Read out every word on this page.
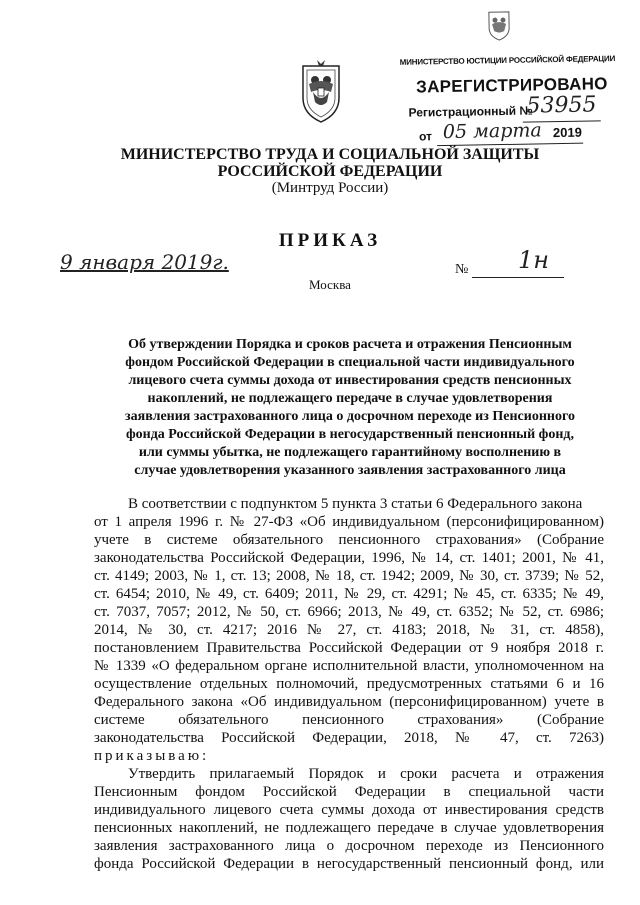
МИНИСТЕРСТВО ЮСТИЦИИ РОССИЙСКОЙ ФЕДЕРАЦИИ
ЗАРЕГИСТРИРОВАНО
Регистрационный №
53955
от 05 марта 2019
МИНИСТЕРСТВО ТРУДА И СОЦИАЛЬНОЙ ЗАЩИТЫ
РОССИЙСКОЙ ФЕДЕРАЦИИ
(Минтруд России)
ПРИКАЗ
9 января 2019г.	№ 1н
Москва
Об утверждении Порядка и сроков расчета и отражения Пенсионным
фондом Российской Федерации в специальной части индивидуального
лицевого счета суммы дохода от инвестирования средств пенсионных
накоплений, не подлежащего передаче в случае удовлетворения
заявления застрахованного лица о досрочном переходе из Пенсионного
фонда Российской Федерации в негосударственный пенсионный фонд,
или суммы убытка, не подлежащего гарантийному восполнению в
случае удовлетворения указанного заявления застрахованного лица
В соответствии с подпунктом 5 пункта 3 статьи 6 Федерального закона
от 1 апреля 1996 г. № 27-ФЗ «Об индивидуальном (персонифицированном)
учете в системе обязательного пенсионного страхования» (Собрание
законодательства Российской Федерации, 1996, № 14, ст. 1401; 2001, № 41,
ст. 4149; 2003, № 1, ст. 13; 2008, № 18, ст. 1942; 2009, № 30, ст. 3739; № 52,
ст. 6454; 2010, № 49, ст. 6409; 2011, № 29, ст. 4291; № 45, ст. 6335; № 49,
ст. 7037, 7057; 2012, № 50, ст. 6966; 2013, № 49, ст. 6352; № 52, ст. 6986;
2014, № 30, ст. 4217; 2016 № 27, ст. 4183; 2018, № 31, ст. 4858),
постановлением Правительства Российской Федерации от 9 ноября 2018 г.
№ 1339 «О федеральном органе исполнительной власти, уполномоченном на
осуществление отдельных полномочий, предусмотренных статьями 6 и 16
Федерального закона «Об индивидуальном (персонифицированном) учете в
системе обязательного пенсионного страхования» (Собрание
законодательства Российской Федерации, 2018, № 47, ст. 7263)
приказываю:
Утвердить прилагаемый Порядок и сроки расчета и отражения
Пенсионным фондом Российской Федерации в специальной части
индивидуального лицевого счета суммы дохода от инвестирования средств
пенсионных накоплений, не подлежащего передаче в случае удовлетворения
заявления застрахованного лица о досрочном переходе из Пенсионного
фонда Российской Федерации в негосударственный пенсионный фонд, или
